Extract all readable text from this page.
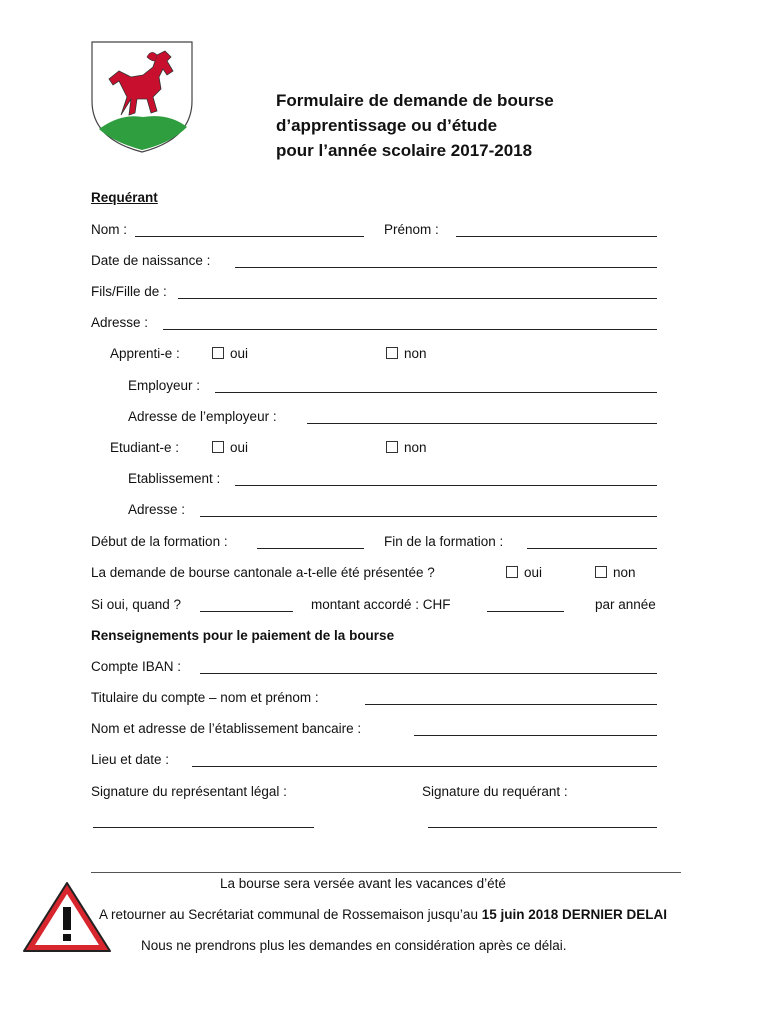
Formulaire de demande de bourse
d’apprentissage ou d’étude
pour l’année scolaire 2017-2018
Requérant
Nom :	Prénom :
Date de naissance :
Fils/Fille de :
Adresse :
Apprenti-e :	oui	non
Employeur :
Adresse de l’employeur :
Etudiant-e :	oui	non
Etablissement :
Adresse :
Début de la formation :	Fin de la formation :
La demande de bourse cantonale a-t-elle été présentée ?	oui	non
Si oui, quand ?	montant accordé : CHF	par année
Renseignements pour le paiement de la bourse
Compte IBAN :
Titulaire du compte – nom et prénom :
Nom et adresse de l’établissement bancaire :
Lieu et date :
Signature du représentant légal :	Signature du requérant :
La bourse sera versée avant les vacances d’été
A retourner au Secrétariat communal de Rossemaison jusqu’au 15 juin 2018 DERNIER DELAI
Nous ne prendrons plus les demandes en considération après ce délai.
